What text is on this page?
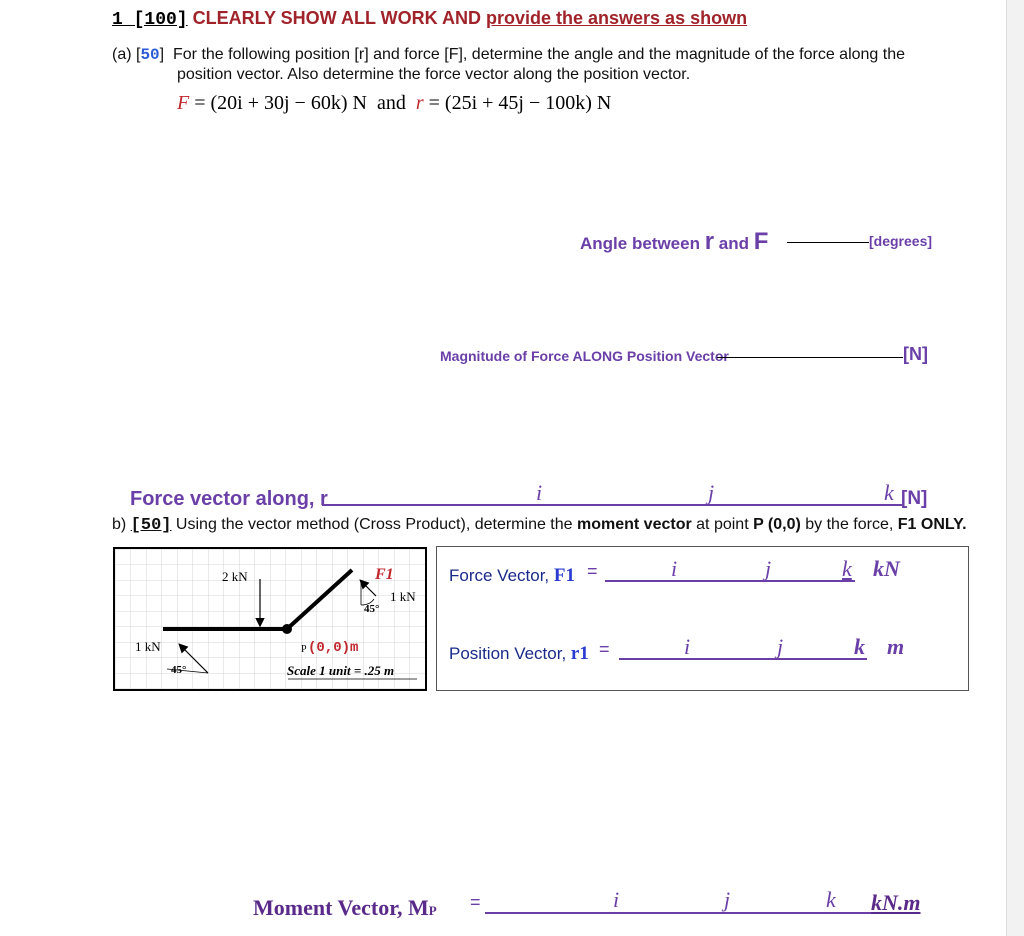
1 [100] CLEARLY SHOW ALL WORK AND provide the answers as shown
(a) [50] For the following position [r] and force [F], determine the angle and the magnitude of the force along the
position vector. Also determine the force vector along the position vector.
F = (20i + 30j − 60k) N and r = (25i + 45j − 100k) N
Angle between r and F	[degrees]
Magnitude of Force ALONG Position Vector	[N]
Force vector along, r	i	j	k [N]
b) [50] Using the vector method (Cross Product), determine the moment vector at point P (0,0) by the force, F1 ONLY.
2 kN	F1
1 kN
45°
1 kN
45°
P (0,0)m
Scale 1 unit = .25 m
Force Vector, F1 =	i	j	k kN
Position Vector, r1 =	i	j	k m
Moment Vector, MP =	i	j	k kN.m
